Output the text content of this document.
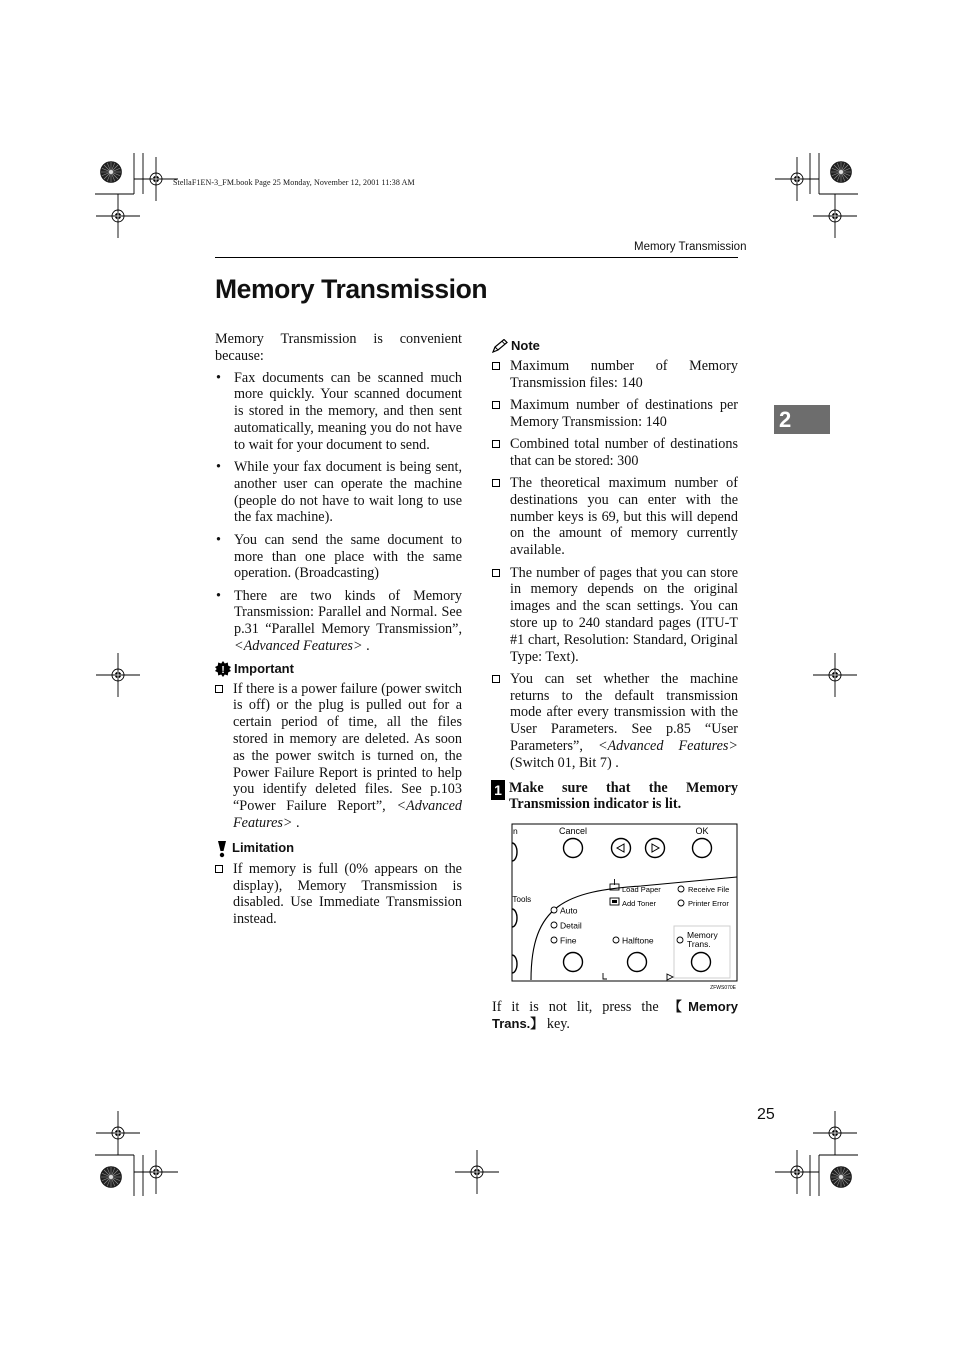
StellaF1EN-3_FM.book Page 25 Monday, November 12, 2001 11:38 AM
Memory Transmission
Memory Transmission
2

Memory Transmission is convenient because:

• Fax documents can be scanned much more quickly. Your scanned document is stored in the memory, and then sent automatically, meaning you do not have to wait for your document to send.
• While your fax document is being sent, another user can operate the machine (people do not have to wait long to use the fax machine).
• You can send the same document to more than one place with the same operation. (Broadcasting)
• There are two kinds of Memory Transmission: Parallel and Normal. See p.31 “Parallel Memory Transmission”, <Advanced Features> .
! Important
If there is a power failure (power switch is off) or the plug is pulled out for a certain period of time, all the files stored in memory are deleted. As soon as the power switch is turned on, the Power Failure Report is printed to help you identify deleted files. See p.103 “Power Failure Report”, <Advanced Features> .
Limitation
If memory is full (0% appears on the display), Memory Transmission is disabled. Use Immediate Transmission instead.
Note
Maximum number of Memory Transmission files: 140
Maximum number of destinations per Memory Transmission: 140
Combined total number of destinations that can be stored: 300
The theoretical maximum number of destinations you can enter with the number keys is 69, but this will depend on the amount of memory currently available.
The number of pages that you can store in memory depends on the original images and the scan settings. You can store up to 240 standard pages (ITU-T #1 chart, Resolution: Standard, Original Type: Text).
You can set whether the machine returns to the default transmission mode after every transmission with the User Parameters. See p.85 “User Parameters”, <Advanced Features> (Switch 01, Bit 7) .
1 Make sure that the Memory Transmission indicator is lit.
n
Tools
Cancel	OK
Load Paper
Add Toner
Receive File
Printer Error
Auto
Detail
Fine	Halftone
Memory
Trans.
ZFWS070E

If it is not lit, press the 【Memory Trans.】 key.

25
